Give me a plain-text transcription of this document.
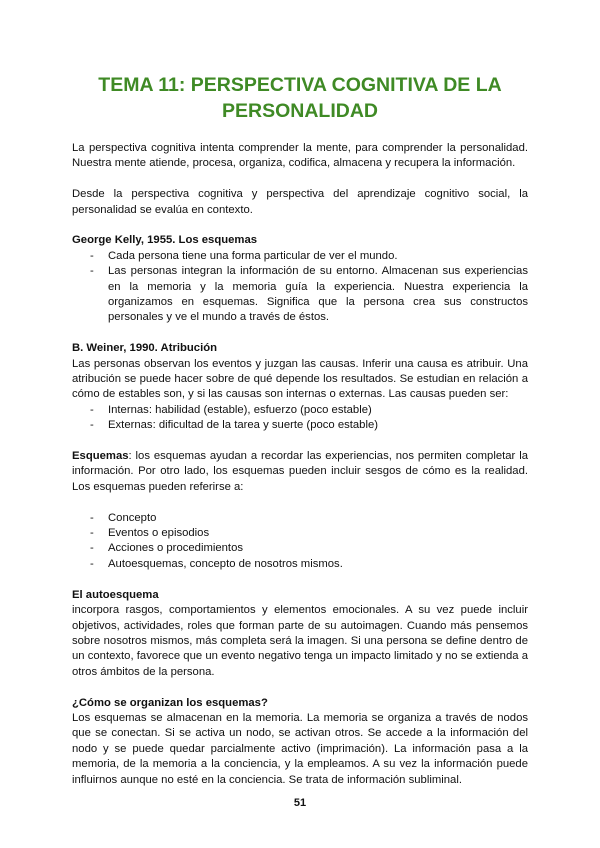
TEMA 11: PERSPECTIVA COGNITIVA DE LA
PERSONALIDAD

La perspectiva cognitiva intenta comprender la mente, para comprender la personalidad. Nuestra mente atiende, procesa, organiza, codifica, almacena y recupera la información.

Desde la perspectiva cognitiva y perspectiva del aprendizaje cognitivo social, la personalidad se evalúa en contexto.

George Kelly, 1955. Los esquemas

- Cada persona tiene una forma particular de ver el mundo.
- Las personas integran la información de su entorno. Almacenan sus experiencias en la memoria y la memoria guía la experiencia. Nuestra experiencia la organizamos en esquemas. Significa que la persona crea sus constructos personales y ve el mundo a través de éstos.

B. Weiner, 1990. Atribución

Las personas observan los eventos y juzgan las causas. Inferir una causa es atribuir. Una atribución se puede hacer sobre de qué depende los resultados. Se estudian en relación a cómo de estables son, y si las causas son internas o externas. Las causas pueden ser:

- Internas: habilidad (estable), esfuerzo (poco estable)
- Externas: dificultad de la tarea y suerte (poco estable)

Esquemas: los esquemas ayudan a recordar las experiencias, nos permiten completar la información. Por otro lado, los esquemas pueden incluir sesgos de cómo es la realidad. Los esquemas pueden referirse a:

- Concepto
- Eventos o episodios
- Acciones o procedimientos
- Autoesquemas, concepto de nosotros mismos.

El autoesquema

incorpora rasgos, comportamientos y elementos emocionales. A su vez puede incluir objetivos, actividades, roles que forman parte de su autoimagen. Cuando más pensemos sobre nosotros mismos, más completa será la imagen. Si una persona se define dentro de un contexto, favorece que un evento negativo tenga un impacto limitado y no se extienda a otros ámbitos de la persona.

¿Cómo se organizan los esquemas?

Los esquemas se almacenan en la memoria. La memoria se organiza a través de nodos que se conectan. Si se activa un nodo, se activan otros. Se accede a la información del nodo y se puede quedar parcialmente activo (imprimación). La información pasa a la memoria, de la memoria a la conciencia, y la empleamos. A su vez la información puede influirnos aunque no esté en la conciencia. Se trata de información subliminal.

51
